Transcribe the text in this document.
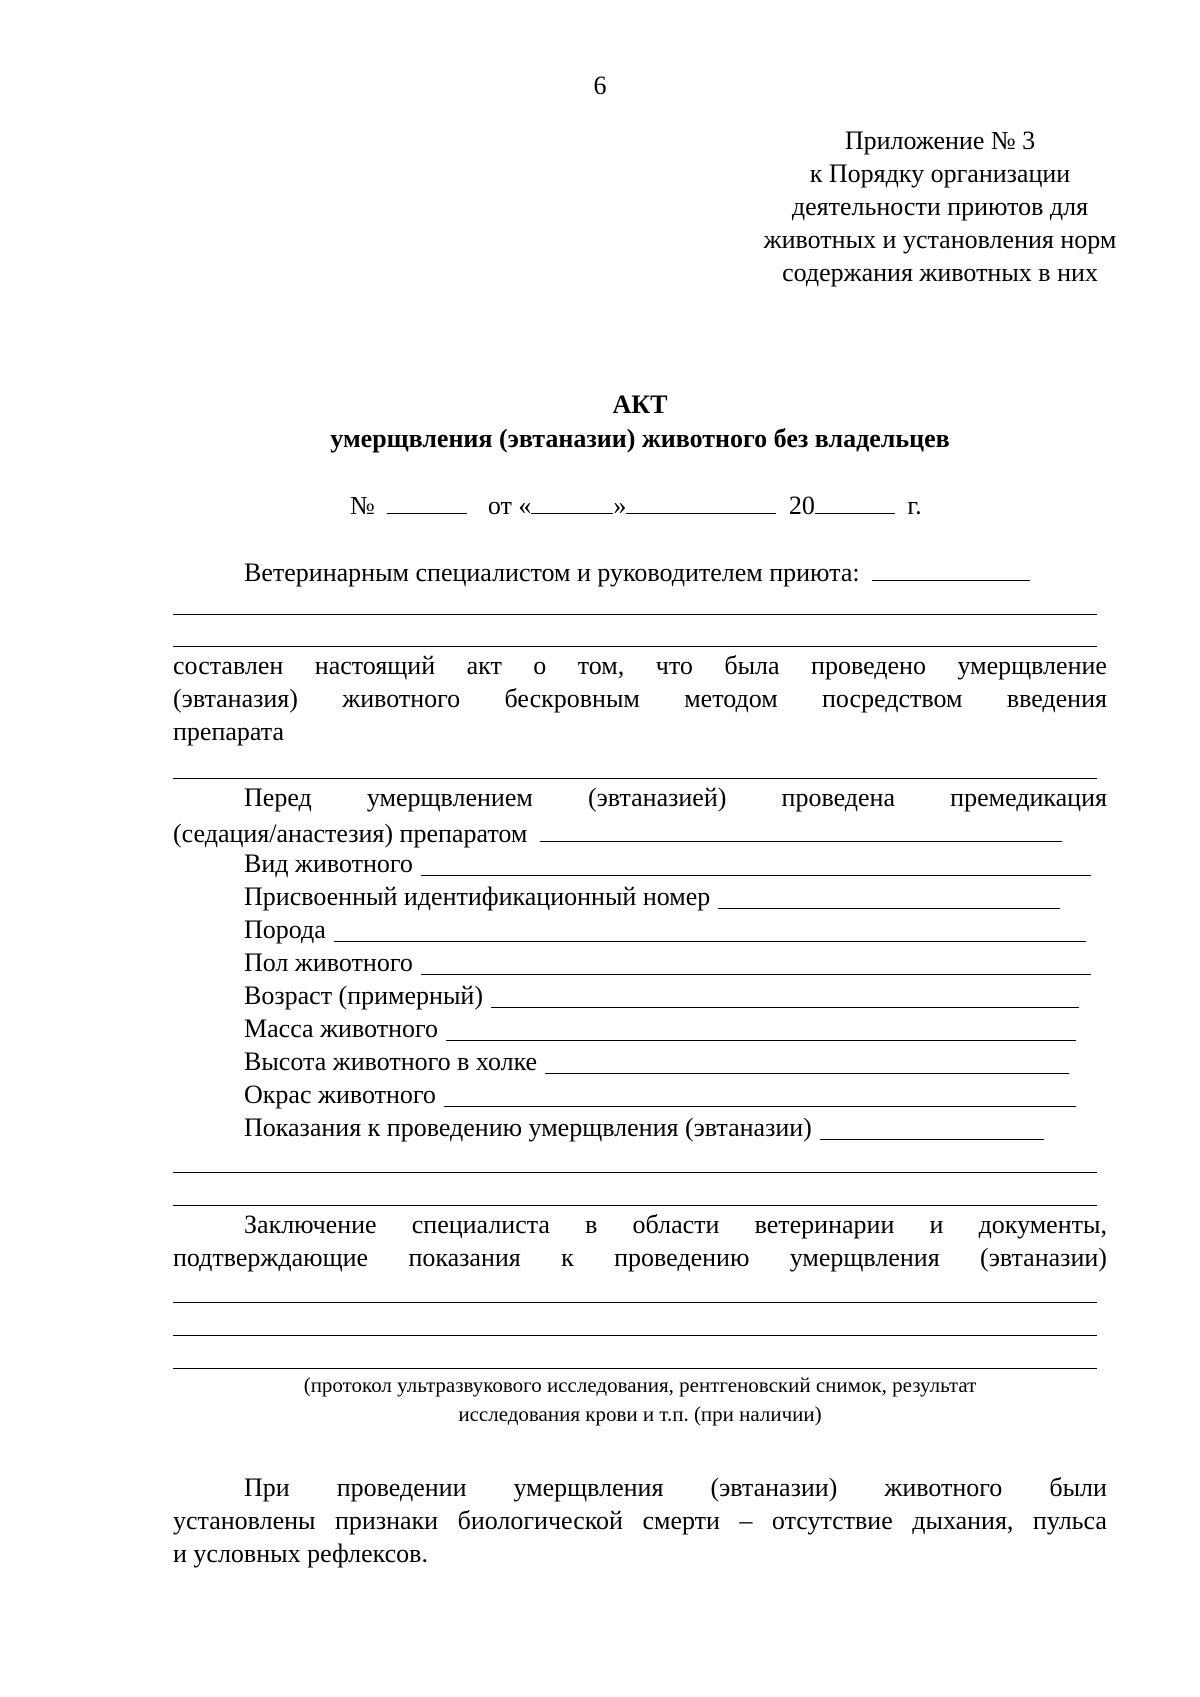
6
Приложение № 3
к Порядку организации
деятельности приютов для
животных и установления норм
содержания животных в них
АКТ
умерщвления (эвтаназии) животного без владельцев
№	от «	»	20	г.
Ветеринарным специалистом и руководителем приюта:
составлен настоящий акт о том, что была проведено умерщвление
(эвтаназия) животного бескровным методом посредством введения
препарата
Перед умерщвлением (эвтаназией) проведена премедикация
(седация/анастезия) препаратом
Вид животного
Присвоенный идентификационный номер
Порода
Пол животного
Возраст (примерный)
Масса животного
Высота животного в холке
Окрас животного
Показания к проведению умерщвления (эвтаназии)
Заключение специалиста в области ветеринарии и документы,
подтверждающие показания к проведению умерщвления (эвтаназии)
(протокол ультразвукового исследования, рентгеновский снимок, результат
исследования крови и т.п. (при наличии)
При проведении умерщвления (эвтаназии) животного были
установлены признаки биологической смерти – отсутствие дыхания, пульса
и условных рефлексов.
